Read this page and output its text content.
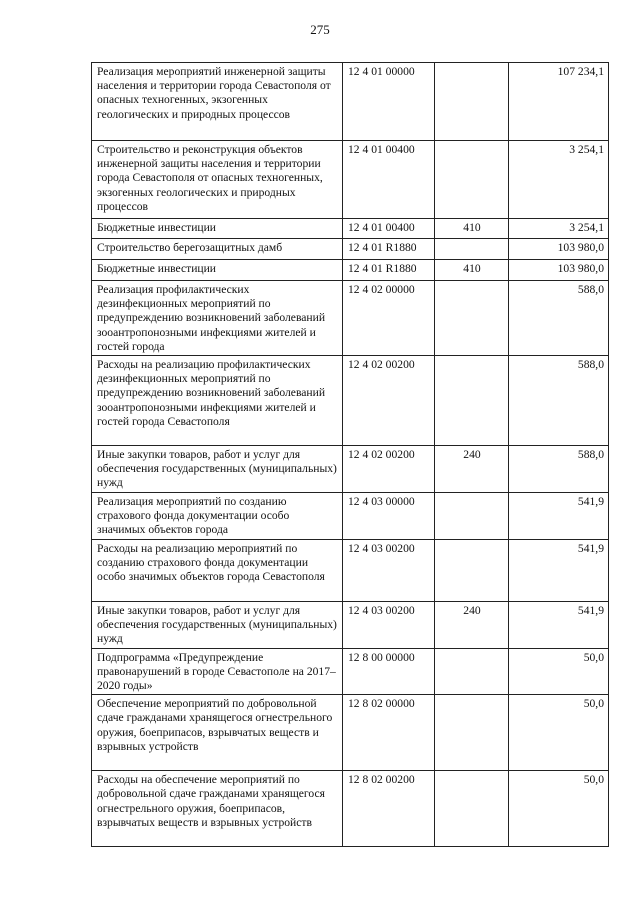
275
Реализация мероприятий инженерной защиты населения и территории города Севастополя от опасных техногенных, экзогенных геологических и природных процессов	12 4 01 00000		107 234,1
Строительство и реконструкция объектов инженерной защиты населения и территории города Севастополя от опасных техногенных, экзогенных геологических и природных процессов	12 4 01 00400		3 254,1
Бюджетные инвестиции	12 4 01 00400	410	3 254,1
Строительство берегозащитных дамб	12 4 01 R1880		103 980,0
Бюджетные инвестиции	12 4 01 R1880	410	103 980,0
Реализация профилактических дезинфекционных мероприятий по предупреждению возникновений заболеваний зооантропонозными инфекциями жителей и гостей города	12 4 02 00000		588,0
Расходы на реализацию профилактических дезинфекционных мероприятий по предупреждению возникновений заболеваний зооантропонозными инфекциями жителей и гостей города Севастополя	12 4 02 00200		588,0
Иные закупки товаров, работ и услуг для обеспечения государственных (муниципальных) нужд	12 4 02 00200	240	588,0
Реализация мероприятий по созданию страхового фонда документации особо значимых объектов города	12 4 03 00000		541,9
Расходы на реализацию мероприятий по созданию страхового фонда документации особо значимых объектов города Севастополя	12 4 03 00200		541,9
Иные закупки товаров, работ и услуг для обеспечения государственных (муниципальных) нужд	12 4 03 00200	240	541,9
Подпрограмма «Предупреждение правонарушений в городе Севастополе на 2017–2020 годы»	12 8 00 00000		50,0
Обеспечение мероприятий по добровольной сдаче гражданами хранящегося огнестрельного оружия, боеприпасов, взрывчатых веществ и взрывных устройств	12 8 02 00000		50,0
Расходы на обеспечение мероприятий по добровольной сдаче гражданами хранящегося огнестрельного оружия, боеприпасов, взрывчатых веществ и взрывных устройств	12 8 02 00200		50,0
